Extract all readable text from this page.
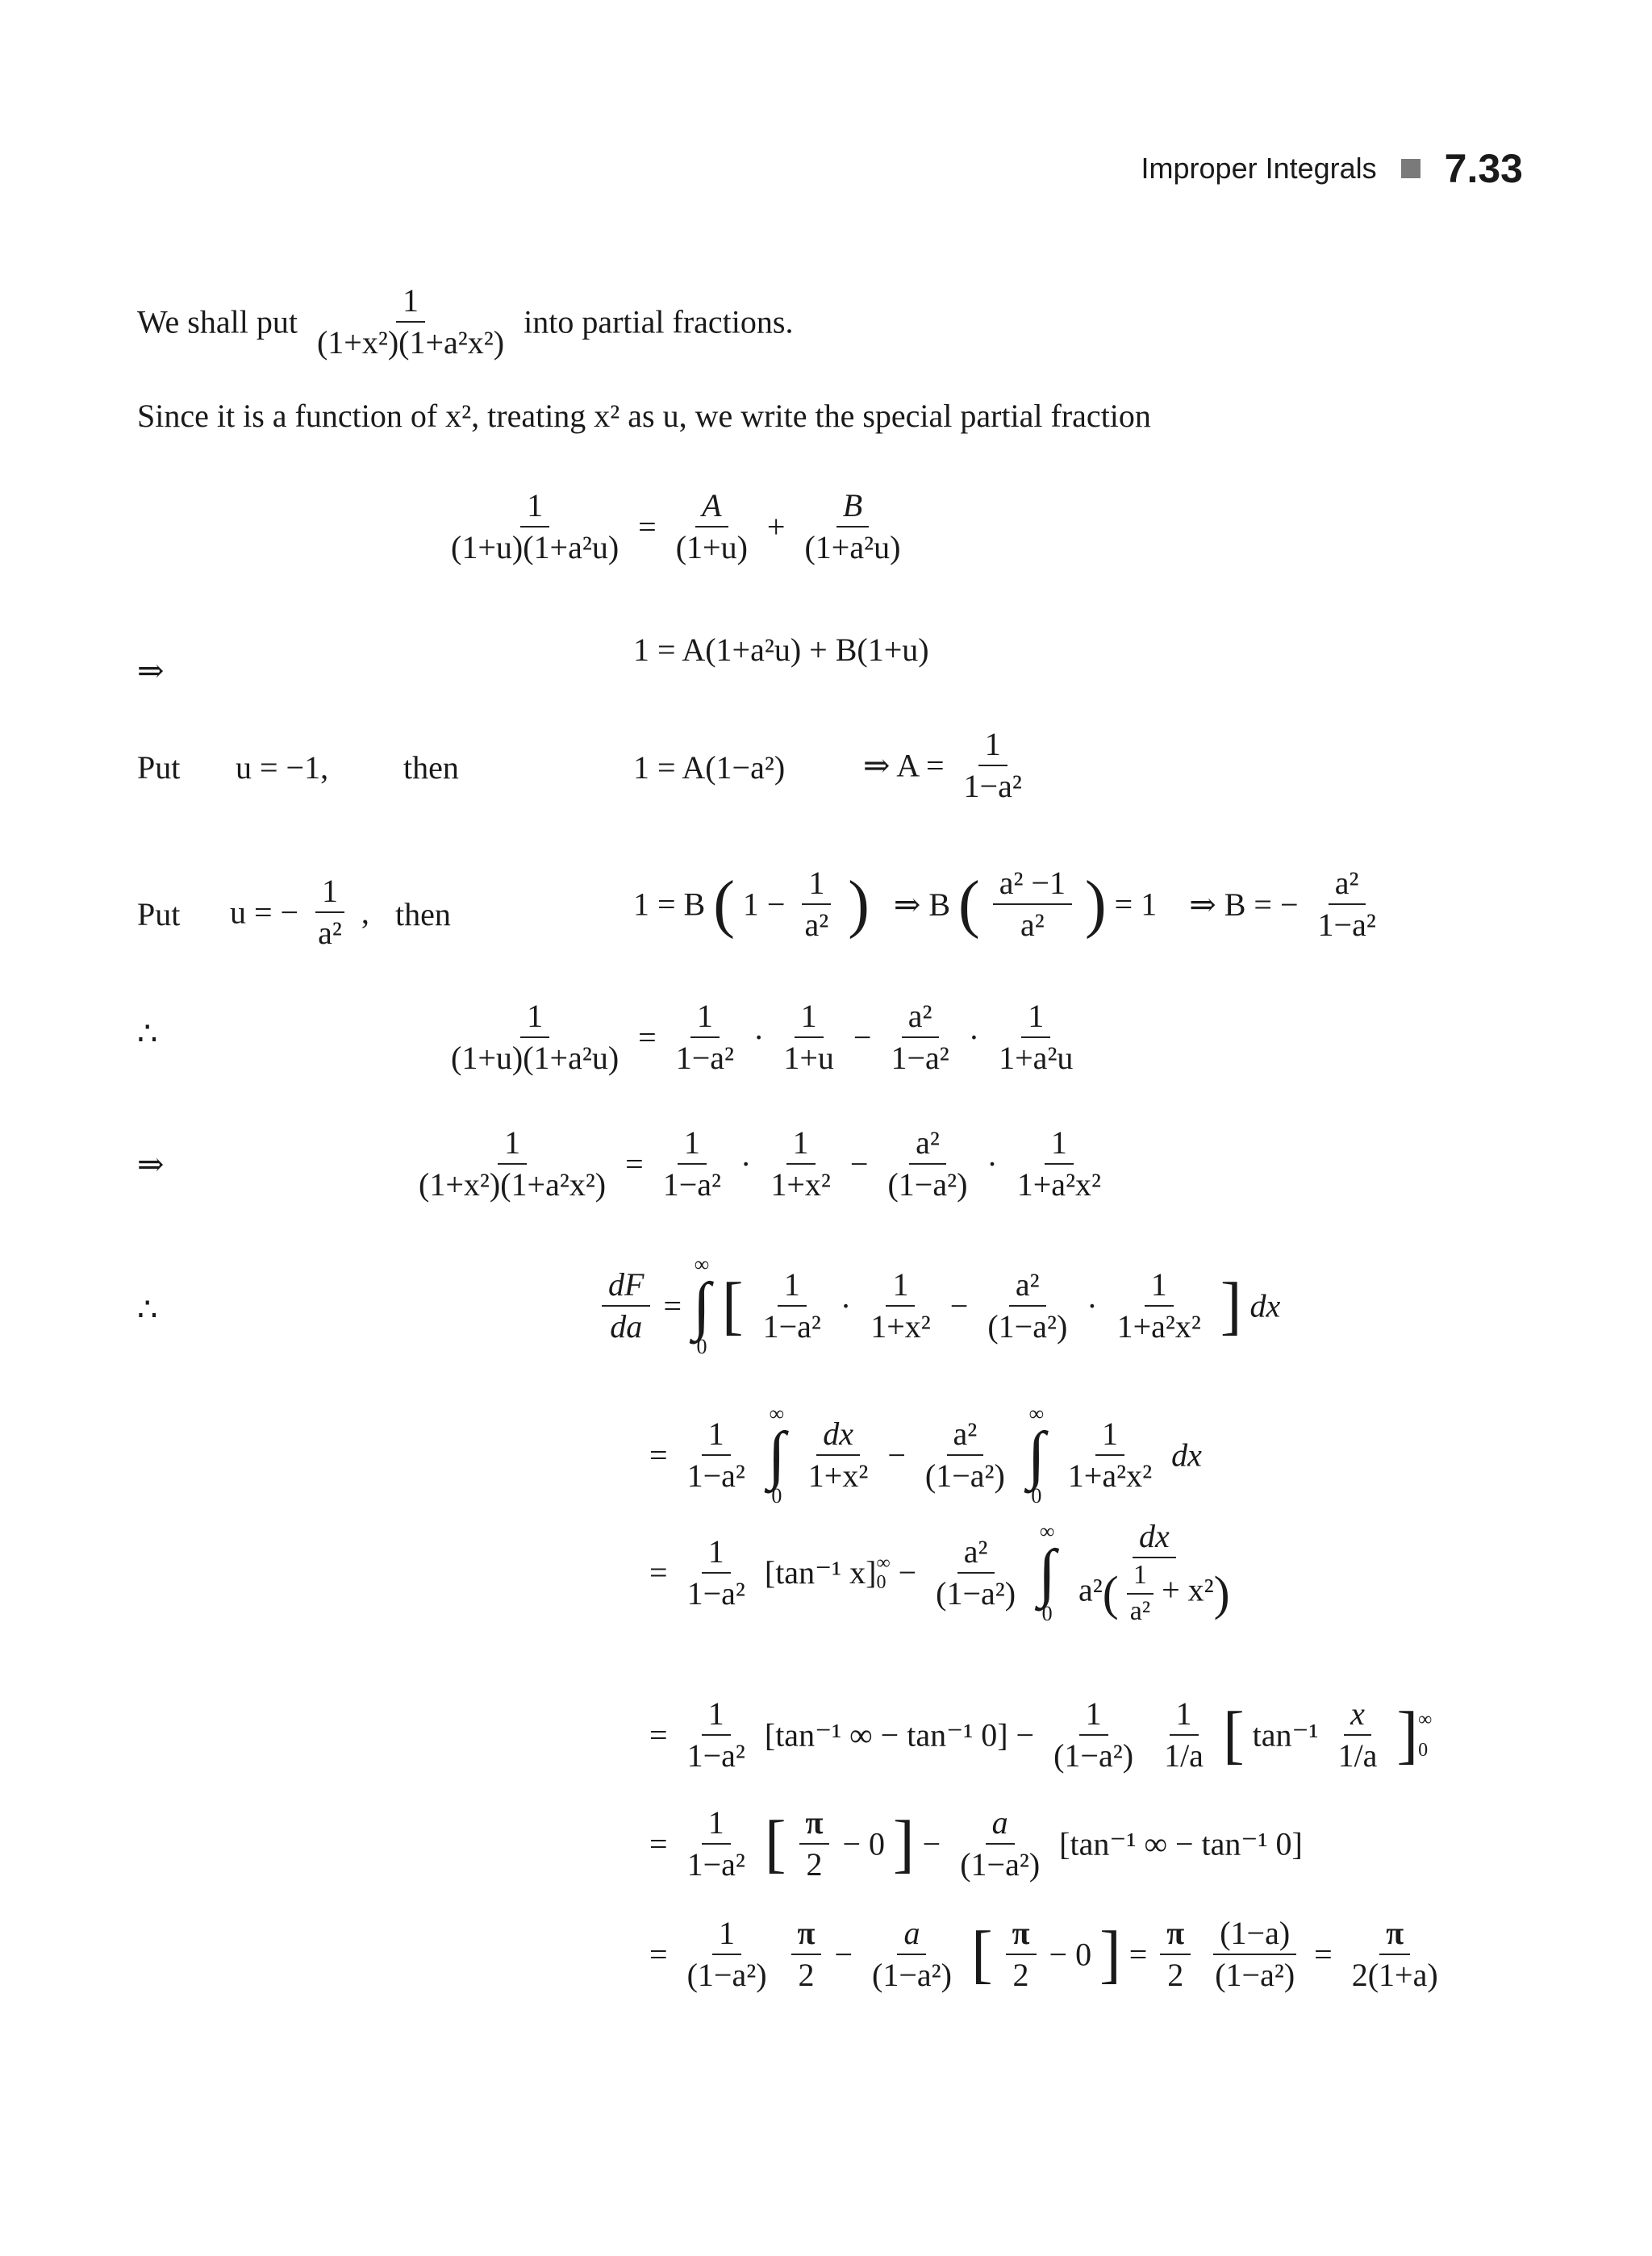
Improper Integrals 7.33
We shall put $\frac{1}{\text{(1+x²)(1+a²x²)}}$ into partial fractions.
Since it is a function of x², treating x² as u, we write the special partial fraction
$\frac{1}{\text{(1+u)(1+a²u)}} = \frac{A}{(1+u)} + \frac{B}{\text{(1+a²u)}}$
⇒
1 = A(1+a²u) + B(1+u)
Put u = −1, then	1 = A(1−a²) ⇒ $A = \frac{1}{\text{1−a²}}$
Put u = − $\frac{1}{\text{a²}}$ , then	1 = B ( $1 - \frac{1}{\text{a²}}$ ) ⇒ B ( $\frac{\text{a² −1}}{\text{a²}}$ ) = 1 ⇒ B = − $\frac{\text{a²}}{\text{1−a²}}$
∴	$\frac{1}{\text{(1+u)(1+a²u)}} = \frac{1}{\text{1−a²}} \cdot \frac{1}{1+u} - \frac{\text{a²}}{\text{1−a²}} \cdot \frac{1}{\text{1+a²u}}$
⇒	$\frac{1}{\text{(1+x²)(1+a²x²)}} = \frac{1}{\text{1−a²}} \cdot \frac{1}{\text{1+x²}} - \frac{\text{a²}}{\text{(1−a²)}} \cdot \frac{1}{\text{1+a²x²}}$
∴	$\frac{dF}{da}$ =
∞
∫
0
[ $\frac{1}{\text{1−a²}} \cdot \frac{1}{\text{1+x²}} - \frac{\text{a²}}{\text{(1−a²)}} \cdot \frac{1}{\text{1+a²x²}}$ ] dx
= $\frac{1}{\text{1−a²}}$

∞
∫
0
$\frac{dx}{\text{1+x²}} - \frac{\text{a²}}{\text{(1−a²)}}$

∞
∫
0
$\frac{1}{\text{1+a²x²}}$ dx
= $\frac{1}{\text{1−a²}} [\tan^{-1}$ x] ∞
$0 - \frac{\text{a²}}{\text{(1−a²)}}$

∞
∫
0
$\frac{dx}{a^2( \frac{1}{\text{a²}} + x^2)}$
= $\frac{1}{\text{1−a²}} [\tan^{-1}$ ∞ − tan⁻¹ $0] - \frac{1}{\text{(1−a²)}}$
$\frac{1}{1/a}$ [ $\tan^{-1} \frac{x}{1/a}$ ] ∞
0
= $\frac{1}{\text{1−a²}}$ [ $\frac{\pi}{2} - 0$ ] − $\frac{a}{\text{(1−a²)}} [\tan^{-1}$ ∞ − tan⁻¹ 0]
= $\frac{1}{\text{(1−a²)}}$
$\frac{\pi}{2} - \frac{a}{\text{(1−a²)}}$ [ $\frac{\pi}{2} - 0$ ] = $\frac{\pi}{2}$
$\frac{(1-a)}{\text{(1−a²)}} = \frac{\pi}{2(1+a)}$
